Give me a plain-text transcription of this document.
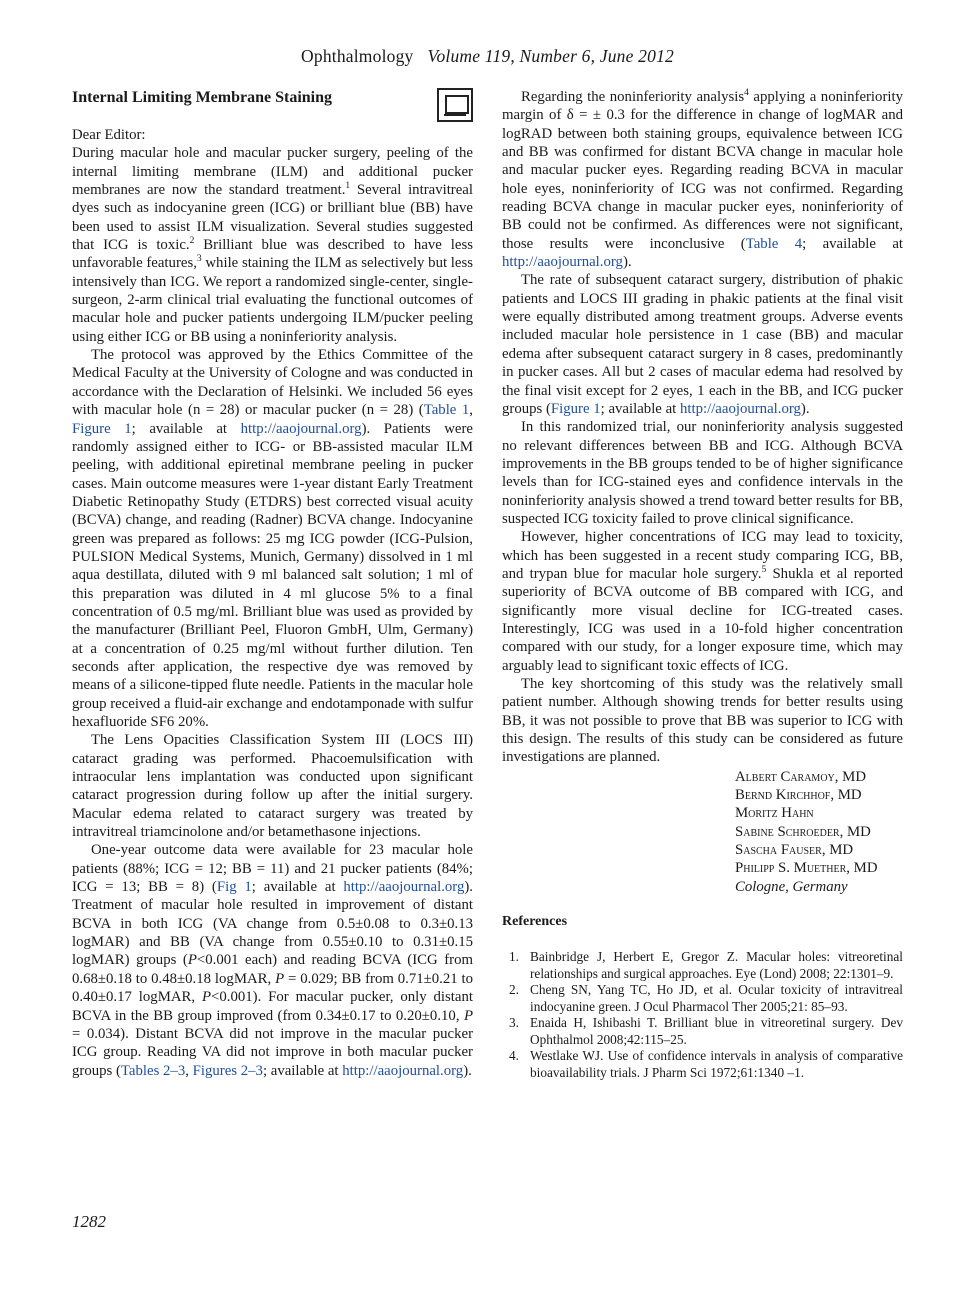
Ophthalmology Volume 119, Number 6, June 2012
Internal Limiting Membrane Staining

Dear Editor:

During macular hole and macular pucker surgery, peeling of the internal limiting membrane (ILM) and additional pucker membranes are now the standard treatment.$^1$ Several intravitreal dyes such as indocyanine green (ICG) or brilliant blue (BB) have been used to assist ILM visualization. Several studies suggested that ICG is toxic.$^2$ Brilliant blue was described to have less unfavorable features,$^3$ while staining the ILM as selectively but less intensively than ICG. We report a randomized single-center, single-surgeon, 2-arm clinical trial evaluating the functional outcomes of macular hole and pucker patients undergoing ILM/pucker peeling using either ICG or BB using a noninferiority analysis.

The protocol was approved by the Ethics Committee of the Medical Faculty at the University of Cologne and was conducted in accordance with the Declaration of Helsinki. We included 56 eyes with macular hole (n = 28) or macular pucker (n = 28) (Table 1, Figure 1; available at http://aaojournal.org). Patients were randomly assigned either to ICG- or BB-assisted macular ILM peeling, with additional epiretinal membrane peeling in pucker cases. Main outcome measures were 1-year distant Early Treatment Diabetic Retinopathy Study (ETDRS) best corrected visual acuity (BCVA) change, and reading (Radner) BCVA change. Indocyanine green was prepared as follows: 25 mg ICG powder (ICG-Pulsion, PULSION Medical Systems, Munich, Germany) dissolved in 1 ml aqua destillata, diluted with 9 ml balanced salt solution; 1 ml of this preparation was diluted in 4 ml glucose 5% to a final concentration of 0.5 mg/ml. Brilliant blue was used as provided by the manufacturer (Brilliant Peel, Fluoron GmbH, Ulm, Germany) at a concentration of 0.25 mg/ml without further dilution. Ten seconds after application, the respective dye was removed by means of a silicone-tipped flute needle. Patients in the macular hole group received a fluid-air exchange and endotamponade with sulfur hexafluoride SF6 20%.

The Lens Opacities Classification System III (LOCS III) cataract grading was performed. Phacoemulsification with intraocular lens implantation was conducted upon significant cataract progression during follow up after the initial surgery. Macular edema related to cataract surgery was treated by intravitreal triamcinolone and/or betamethasone injections.

One-year outcome data were available for 23 macular hole patients (88%; ICG = 12; BB = 11) and 21 pucker patients (84%; ICG = 13; BB = 8) (Fig 1; available at http://aaojournal.org). Treatment of macular hole resulted in improvement of distant BCVA in both ICG (VA change from 0.5±0.08 to 0.3±0.13 logMAR) and BB (VA change from 0.55±0.10 to 0.31±0.15 logMAR) groups (P<0.001 each) and reading BCVA (ICG from 0.68±0.18 to 0.48±0.18 logMAR, P = 0.029; BB from 0.71±0.21 to 0.40±0.17 logMAR, P<0.001). For macular pucker, only distant BCVA in the BB group improved (from 0.34±0.17 to 0.20±0.10, P = 0.034). Distant BCVA did not improve in the macular pucker ICG group. Reading VA did not improve in both macular pucker groups (Tables 2–3, Figures 2–3; available at http://aaojournal.org).

Regarding the noninferiority analysis$^4$ applying a noninferiority margin of δ = ± 0.3 for the difference in change of logMAR and logRAD between both staining groups, equivalence between ICG and BB was confirmed for distant BCVA change in macular hole and macular pucker eyes. Regarding reading BCVA in macular hole eyes, noninferiority of ICG was not confirmed. Regarding reading BCVA change in macular pucker eyes, noninferiority of BB could not be confirmed. As differences were not significant, those results were inconclusive (Table 4; available at http://aaojournal.org).

The rate of subsequent cataract surgery, distribution of phakic patients and LOCS III grading in phakic patients at the final visit were equally distributed among treatment groups. Adverse events included macular hole persistence in 1 case (BB) and macular edema after subsequent cataract surgery in 8 cases, predominantly in pucker cases. All but 2 cases of macular edema had resolved by the final visit except for 2 eyes, 1 each in the BB, and ICG pucker groups (Figure 1; available at http://aaojournal.org).

In this randomized trial, our noninferiority analysis suggested no relevant differences between BB and ICG. Although BCVA improvements in the BB groups tended to be of higher significance levels than for ICG-stained eyes and confidence intervals in the noninferiority analysis showed a trend toward better results for BB, suspected ICG toxicity failed to prove clinical significance.

However, higher concentrations of ICG may lead to toxicity, which has been suggested in a recent study comparing ICG, BB, and trypan blue for macular hole surgery.$^5$ Shukla et al reported superiority of BCVA outcome of BB compared with ICG, and significantly more visual decline for ICG-treated cases. Interestingly, ICG was used in a 10-fold higher concentration compared with our study, for a longer exposure time, which may arguably lead to significant toxic effects of ICG.

The key shortcoming of this study was the relatively small patient number. Although showing trends for better results using BB, it was not possible to prove that BB was superior to ICG with this design. The results of this study can be considered as future investigations are planned.

Albert Caramoy, MD
Bernd Kirchhof, MD
Moritz Hahn
Sabine Schroeder, MD
Sascha Fauser, MD
Philipp S. Muether, MD
Cologne, Germany
References
1. Bainbridge J, Herbert E, Gregor Z. Macular holes: vitreoretinal relationships and surgical approaches. Eye (Lond) 2008; 22:1301–9.
2. Cheng SN, Yang TC, Ho JD, et al. Ocular toxicity of intravitreal indocyanine green. J Ocul Pharmacol Ther 2005;21: 85–93.
3. Enaida H, Ishibashi T. Brilliant blue in vitreoretinal surgery. Dev Ophthalmol 2008;42:115–25.
4. Westlake WJ. Use of confidence intervals in analysis of comparative bioavailability trials. J Pharm Sci 1972;61:1340 –1.
1282
